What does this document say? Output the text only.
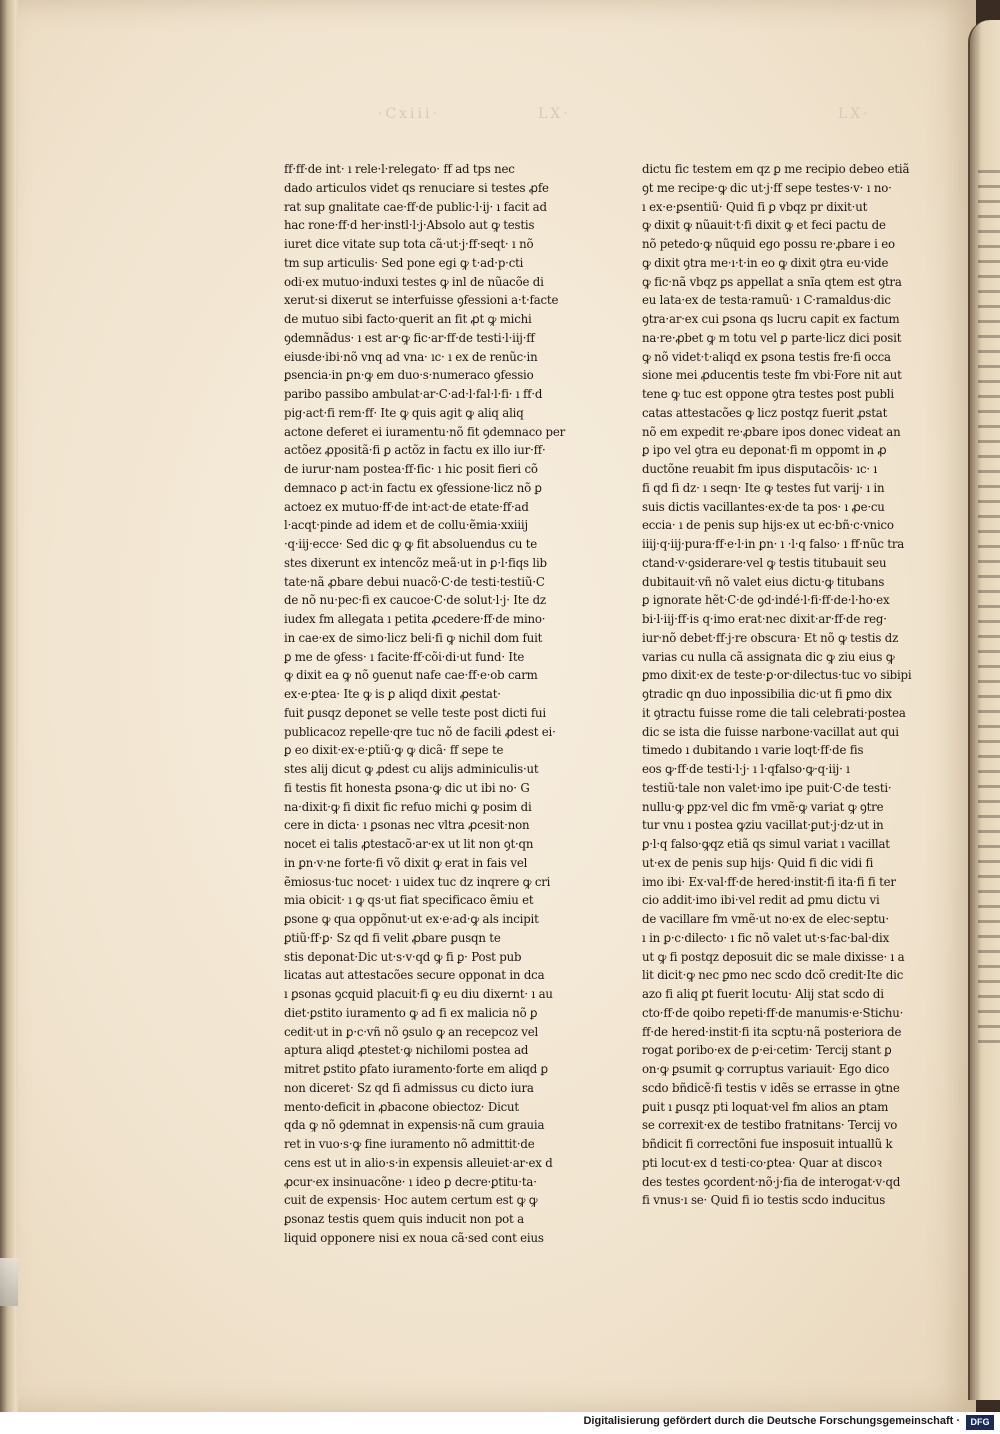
·Cxiii·	LX·	LX·
ff·ff·de int· ı rele·l·relegato· ff ad tps nec
dado articulos videt qs renuciare si testes ꝓfe
rat sup gnalitate cae·ff·de public·l·ij· ı facit ad
hac rone·ff·d her·instl·l·j·Absolo aut ꝙ testis
iuret dice vitate sup tota cã·ut·j·ff·seqt· ı nõ
tm sup articulis· Sed pone egi ꝙ t·ad·p·cti
odi·ex mutuo·induxi testes ꝙ inl de nũacõe di
xerut·si dixerut se interfuisse ꝯfessioni a·t·facte
de mutuo sibi facto·querit an fit ꝓt ꝙ michi
ꝯdemnãdus· ı est ar·ꝙ fic·ar·ff·de testi·l·iij·ff
eiusde·ibi·nõ vnq ad vna· ıc· ı ex de renũc·in
ꝑsencia·in ꝑn·ꝙ em duo·s·numeraco ꝯfessio
paribo passibo ambulat·ar·C·ad·l·fal·l·fi· ı ff·d
pig·act·fi rem·ff· Ite ꝙ quis agit ꝙ aliq aliq
actone deferet ei iuramentu·nõ fit ꝯdemnaco per
actõez ꝓpositã·fi ꝑ actõz in factu ex illo iur·ff·
de iurur·nam postea·ff·fic· ı hic posit fieri cõ
demnaco ꝑ act·in factu ex ꝯfessione·licz nõ ꝑ
actoez ex mutuo·ff·de int·act·de etate·ff·ad
l·acqt·pinde ad idem et de collu·ẽmia·xxiiij
·q·iij·ecce· Sed dic ꝙ ꝙ fit absoluendus cu te
stes dixerunt ex intencõz meã·ut in ꝑ·l·fiqs lib
tate·nã ꝓbare debui nuacõ·C·de testi·testiũ·C
de nõ nu·pec·fi ex caucoe·C·de solut·l·j· Ite dz
iudex fm allegata ı petita ꝓcedere·ff·de mino·
in cae·ex de simo·licz beli·fi ꝙ nichil dom fuit
ꝑ me de ꝯfess· ı facite·ff·cõi·di·ut fund· Ite
ꝙ dixit ea ꝙ nõ ꝯuenut nafe cae·ff·e·ob carm
ex·e·ꝑtea· Ite ꝙ is ꝑ aliqd dixit ꝓestat·
fuit ꝑusqz deponet se velle teste post dicti fui
publicacoz repelle·qre tuc nõ de facili ꝓdest ei·
ꝑ eo dixit·ex·e·ꝑtiũ·ꝙ ꝙ dicã· ff sepe te
stes alij dicut ꝙ ꝓdest cu alijs adminiculis·ut
fi testis fit honesta ꝑsona·ꝙ dic ut ibi no· G
na·dixit·ꝙ fi dixit fic refuo michi ꝙ posim di
cere in dicta· ı ꝑsonas nec vltra ꝓcesit·non
nocet ei talis ꝓtestacõ·ar·ex ut lit non ꝯt·qn
in ꝑn·v·ne forte·fi võ dixit ꝙ erat in fais vel
ẽmiosus·tuc nocet· ı uidex tuc dz inqrere ꝙ cri
mia obicit· ı ꝙ qs·ut fiat specificaco ẽmiu et
ꝑsone ꝙ qua oppõnut·ut ex·e·ad·ꝙ als incipit
ꝑtiũ·ff·ꝑ· Sz qd fi velit ꝓbare ꝑusqn te
stis deponat·Dic ut·s·v·qd ꝙ fi ꝑ· Post pub
licatas aut attestacões secure opponat in dca
ı ꝑsonas ꝯcquid placuit·fi ꝙ eu diu dixernt· ı au
diet·ꝑstito iuramento ꝙ ad fi ex malicia nõ ꝑ
cedit·ut in ꝑ·c·vñ nõ ꝯsulo ꝙ an recepcoz vel
aptura aliqd ꝓtestet·ꝙ nichilomi postea ad
mitret ꝑstito ꝑfato iuramento·forte em aliqd ꝑ
non diceret· Sz qd fi admissus cu dicto iura
mento·deficit in ꝓbacone obiectoz· Dicut
qda ꝙ nõ ꝯdemnat in expensis·nã cum grauia
ret in vuo·s·ꝙ fine iuramento nõ admittit·de
cens est ut in alio·s·in expensis alleuiet·ar·ex d
ꝓcur·ex insinuacõne· ı ideo ꝑ decre·ꝑtitu·ta·
cuit de expensis· Hoc autem certum est ꝙ ꝙ
ꝑsonaz testis quem quis inducit non pot a
liquid opponere nisi ex noua cã·sed cont eius
dictu fic testem em qz ꝑ me recipio debeo etiã
ꝯt me recipe·ꝙ dic ut·j·ff sepe testes·v· ı no·
ı ex·e·ꝑsentiũ· Quid fi ꝑ vbqz pr dixit·ut
ꝙ dixit ꝙ nũauit·t·fi dixit ꝙ et feci pactu de
nõ petedo·ꝙ nũquid ego possu re·ꝓbare i eo
ꝙ dixit ꝯtra me·ı·t·in eo ꝙ dixit ꝯtra eu·vide
ꝙ fic·nã vbqz ꝑs appellat a snĩa qtem est ꝯtra
eu lata·ex de testa·ramuũ· ı C·ramaldus·dic
ꝯtra·ar·ex cui ꝑsona qs lucru capit ex factum
na·re·ꝓbet ꝙ m totu vel ꝑ parte·licz dici posit
ꝙ nõ videt·t·aliqd ex ꝑsona testis fre·fi occa
sione mei ꝓducentis teste fm vbi·Fore nit aut
tene ꝙ tuc est oppone ꝯtra testes post publi
catas attestacões ꝙ licz postqz fuerit ꝓstat
nõ em expedit re·ꝓbare ipos donec videat an
ꝑ ipo vel ꝯtra eu deponat·fi m oppomt in ꝓ
ductõne reuabit fm ipus disputacõis· ıc· ı
fi qd fi dz· ı seqn· Ite ꝙ testes fut varij· ı in
suis dictis vacillantes·ex·de ta pos· ı ꝓe·cu
eccia· ı de penis sup hijs·ex ut ec·bñ·c·vnico
iiij·q·iij·pura·ff·e·l·in ꝑn· ı ·l·q falso· ı ff·nũc tra
ctand·v·ꝯsiderare·vel ꝙ testis titubauit seu
dubitauit·vñ nõ valet eius dictu·ꝙ titubans
ꝑ ignorate hẽt·C·de ꝯd·indé·l·fi·ff·de·l·ho·ex
bi·l·iij·ff·is q·imo erat·nec dixit·ar·ff·de reg·
iur·nõ debet·ff·j·re obscura· Et nõ ꝙ testis dz
varias cu nulla cã assignata dic ꝙ ziu eius ꝙ
ꝑmo dixit·ex de teste·ꝑ·or·dilectus·tuc vo sibipi
ꝯtradic qn duo inpossibilia dic·ut fi ꝑmo dix
it ꝯtractu fuisse rome die tali celebrati·postea
dic se ista die fuisse narbone·vacillat aut qui
timedo ı dubitando ı varie loqt·ff·de fis
eos ꝙ·ff·de testi·l·j· ı l·qfalso·ꝙ·q·iij· ı
testiũ·tale non valet·imo ipe puit·C·de testi·
nullu·ꝙ ꝑpz·vel dic fm vmẽ·ꝙ variat ꝙ ꝯtre
tur vnu ı postea ꝙziu vacillat·ꝑut·j·dz·ut in
ꝑ·l·q falso·ꝙqz etiã qs simul variat ı vacillat
ut·ex de penis sup hijs· Quid fi dic vidi fi
imo ibi· Ex·val·ff·de hered·instit·fi ita·fi fi ter
cio addit·imo ibi·vel redit ad ꝑmu dictu vi
de vacillare fm vmẽ·ut no·ex de elec·septu·
ı in ꝑ·c·dilecto· ı fic nõ valet ut·s·fac·bal·dix
ut ꝙ fi postqz deposuit dic se male dixisse· ı a
lit dicit·ꝙ nec ꝑmo nec scdo dcõ credit·Ite dic
azo fi aliq ꝑt fuerit locutu· Alij stat scdo di
cto·ff·de qoibo repeti·ff·de manumis·e·Stichu·
ff·de hered·instit·fi ita scptu·nã posteriora de
rogat ꝑoribo·ex de ꝑ·ei·cetim· Tercij stant ꝑ
on·ꝙ ꝑsumit ꝙ corruptus variauit· Ego dico
scdo bñdicẽ·fi testis v idẽs se errasse in ꝯtne
ꝑuit ı ꝑusqz pti loquat·vel fm alios an ꝑtam
se correxit·ex de testibo fratnitans· Tercij vo
bñdicit fi correctõni fue insposuit intuallũ k
pti locut·ex d testi·co·ꝑtea· Quar at discoꝛ
des testes ꝯcordent·nõ·j·fia de interogat·v·qd
fi vnus·ı se· Quid fi io testis scdo inducitus
Digitalisierung gefördert durch die Deutsche Forschungsgemeinschaft ·	DFG
